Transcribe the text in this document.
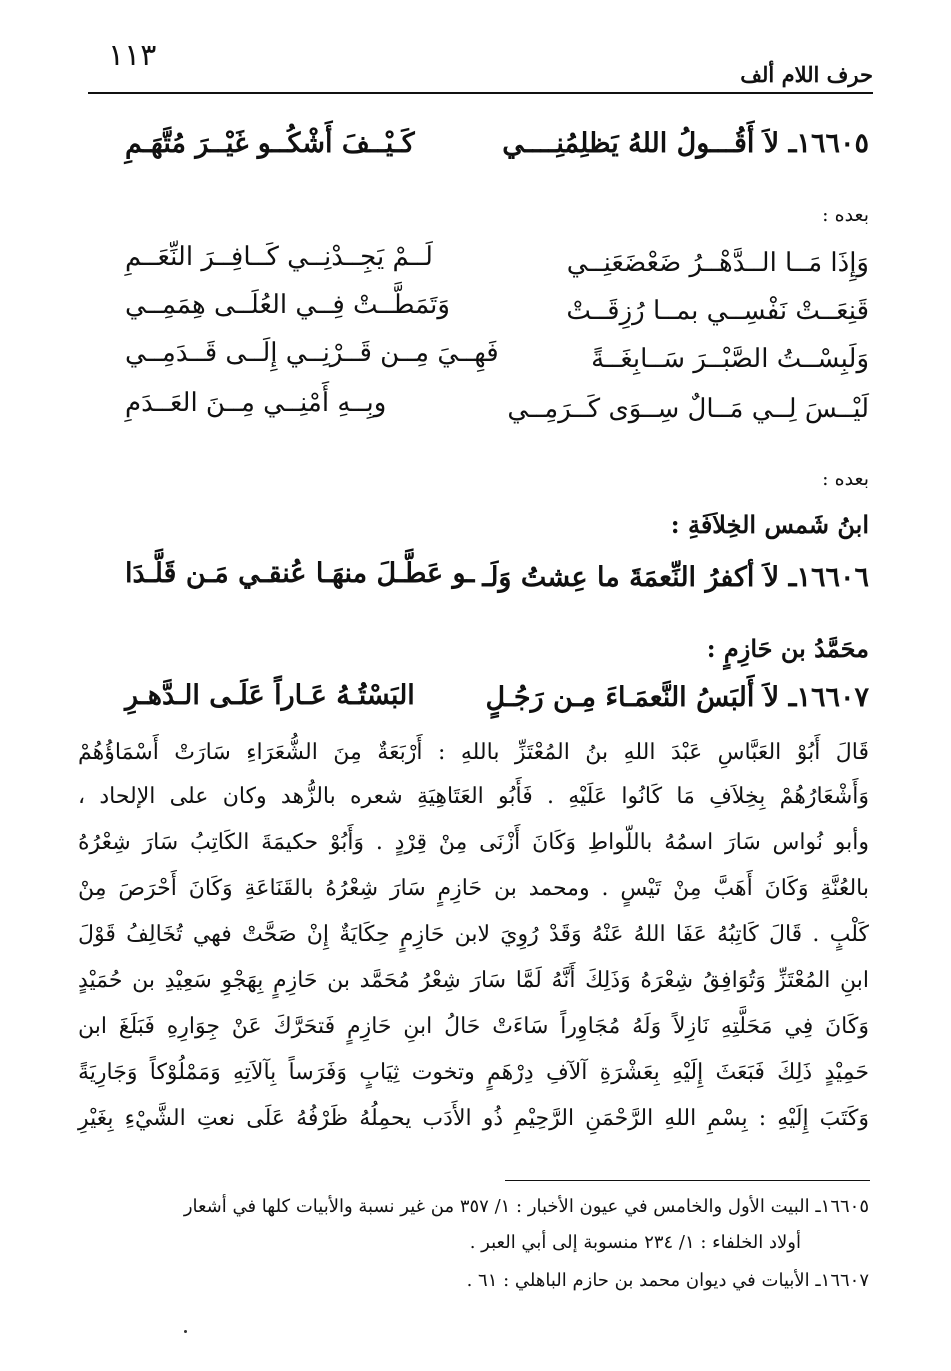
١١٣
حرف اللام ألف
١٦٦٠٥ـ لاَ أَقُـــولُ اللهُ يَظلِمُنِــــي
كَـيْــفَ أَشْكُــو غَيْــرَ مُتَّهَـمِ
بعده :
وَإِذَا مَــا الــدَّهْــرُ ضَعْضَعَنِــي
لَــمْ يَجِــدْنِــي كَــافِــرَ النِّعَــمِ
قَنِعَــتْ نَفْسِــي بمــا رُزِقَــتْ
وَتَمَطَّــتْ فِــي العُلَــى هِمَمِــي
وَلَبِسْــتُ الصَّبْــرَ سَــابِغَــةً
فَهِــيَ مِــن قَــرْنِــي إِلَــى قَــدَمِــي
لَيْــسَ لِــي مَــالٌ سِــوَى كَــرَمِــي
وبِــهِ أَمْنِــي مِــنَ العَــدَمِ
بعده :
ابنُ شَمس الخِلاَفَةِ :
١٦٦٠٦ـ لاَ أكفرُ النِّعمَةَ ما عِشتُ وَلَـ
ـو عَطَّـلَ منهَـا عُنقـي مَـن قَلَّـدَا
محَمَّدُ بن حَازِمٍ :
١٦٦٠٧ـ لاَ أَلبَسُ النَّعمَـاءَ مِـن رَجُـلٍ
البَسْتُـهُ عَـاراً عَلَـى الـدَّهـرِ
قَالَ أَبُوْ العَبَّاسِ عَبْدَ اللهِ بنُ المُعْتَزِّ باللهِ : أَرْبَعَةٌ مِنَ الشُّعَرَاءِ سَارَتْ أَسْمَاؤُهُمْ
وَأَشْعَارُهُمْ بِخِلاَفِ مَا كَانُوا عَلَيْهِ . فَأَبُو العَتَاهِيَةِ شعره بالزُّهد وكان على الإلحاد ،
وأبو نُواس سَارَ اسمُهُ باللّواطِ وَكَانَ أَزْنَى مِنْ قِرْدٍ . وَأَبُوْ حكيمَةَ الكَاتِبُ سَارَ شِعْرُهُ
بالعُنَّةِ وَكَانَ أَهَبَّ مِنْ تَيْسٍ . ومحمد بن حَازِمٍ سَارَ شِعْرُهُ بالقَنَاعَةِ وَكَانَ أَحْرَصَ مِنْ
كَلْبٍ . قَالَ كَاتِبُهُ عَفَا اللهُ عَنْهُ وَقَدْ رُوِيَ لابن حَازِمٍ حِكَايَةٌ إِنْ صَحَّتْ فهي تُخَالِفُ قَوْلَ
ابنِ المُعْتَزِّ وَتُوَافِقُ شِعْرَهُ وَذَلِكَ أَنَّهُ لَمَّا سَارَ شِعْرُ مُحَمَّد بن حَازِمٍ بِهَجْوِ سَعِيْدِ بن حُمَيْدٍ
وَكَانَ فِي مَحَلَّتِهِ نَازِلاً وَلَهُ مُجَاوِراً سَاءَتْ حَالُ ابنِ حَازِمٍ فَتحَرَّكَ عَنْ جِوَارِهِ فَبَلَغَ ابن
حَمِيْدٍ ذَلِكَ فَبَعَثَ إِلَيْهِ بِعَشْرَةِ آلآفِ دِرْهَمٍ وتخوت ثِيَابٍ وَفَرَساً بِآلاَتِهِ وَمَمْلُوْكاً وَجَارِيَةً
وَكَتَبَ إِلَيْهِ : بِسْمِ اللهِ الرَّحْمَنِ الرَّحِيْمِ ذُو الأَدَب يحمِلُهُ ظَرْفُهُ عَلَى نعتِ الشَّيْءِ بِغَيْرِ
١٦٦٠٥ـ البيت الأول والخامس في عيون الأخبار : ١/ ٣٥٧ من غير نسبة والأبيات كلها في أشعار
أولاد الخلفاء : ١/ ٢٣٤ منسوبة إلى أبي العبر .
١٦٦٠٧ـ الأبيات في ديوان محمد بن حازم الباهلي : ٦١ .
